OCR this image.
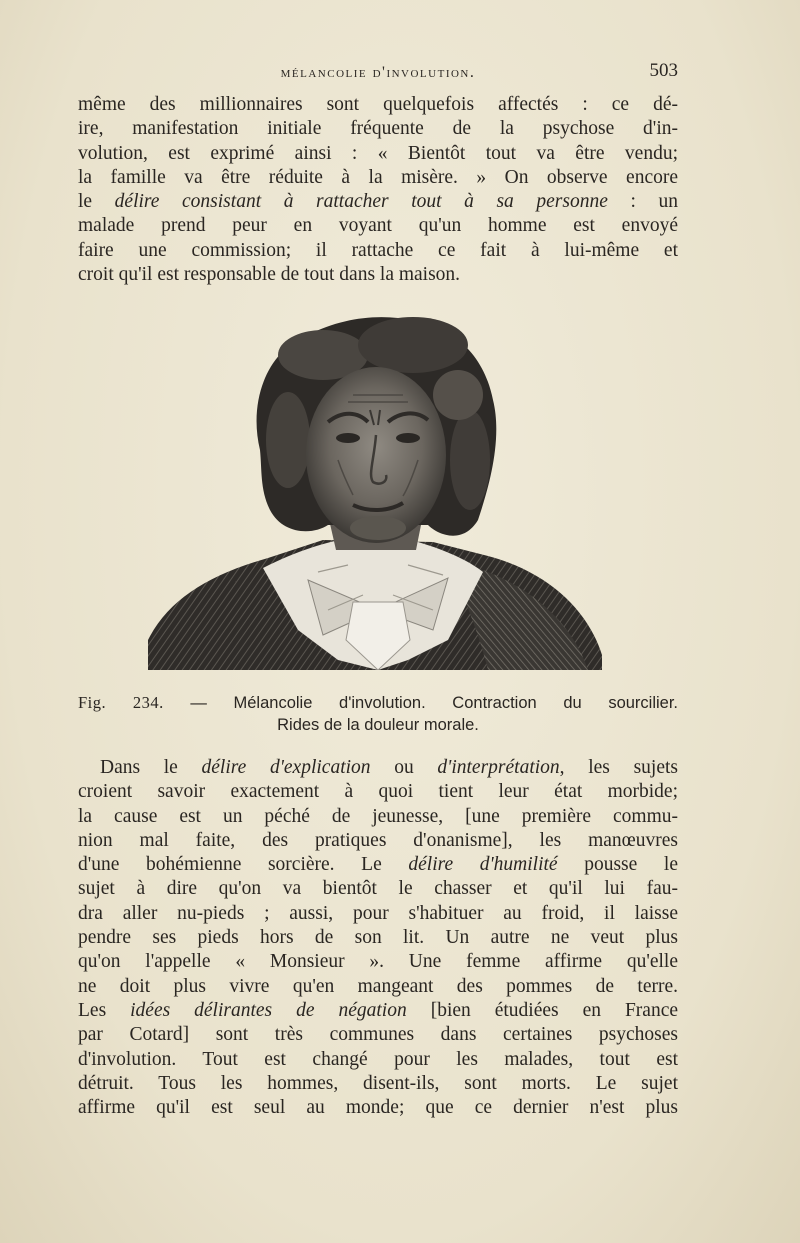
mélancolie d'involution.	503
même des millionnaires sont quelquefois affectés : ce dé-
ire, manifestation initiale fréquente de la psychose d'in-
volution, est exprimé ainsi : « Bientôt tout va être vendu;
la famille va être réduite à la misère. » On observe encore
le délire consistant à rattacher tout à sa personne : un
malade prend peur en voyant qu'un homme est envoyé
faire une commission; il rattache ce fait à lui-même et
croit qu'il est responsable de tout dans la maison.
Fig. 234. — Mélancolie d'involution. Contraction du sourcilier.
Rides de la douleur morale.
Dans le délire d'explication ou d'interprétation, les sujets
croient savoir exactement à quoi tient leur état morbide;
la cause est un péché de jeunesse, [une première commu-
nion mal faite, des pratiques d'onanisme], les manœuvres
d'une bohémienne sorcière. Le délire d'humilité pousse le
sujet à dire qu'on va bientôt le chasser et qu'il lui fau-
dra aller nu-pieds ; aussi, pour s'habituer au froid, il laisse
pendre ses pieds hors de son lit. Un autre ne veut plus
qu'on l'appelle « Monsieur ». Une femme affirme qu'elle
ne doit plus vivre qu'en mangeant des pommes de terre.
Les idées délirantes de négation [bien étudiées en France
par Cotard] sont très communes dans certaines psychoses
d'involution. Tout est changé pour les malades, tout est
détruit. Tous les hommes, disent-ils, sont morts. Le sujet
affirme qu'il est seul au monde; que ce dernier n'est plus
